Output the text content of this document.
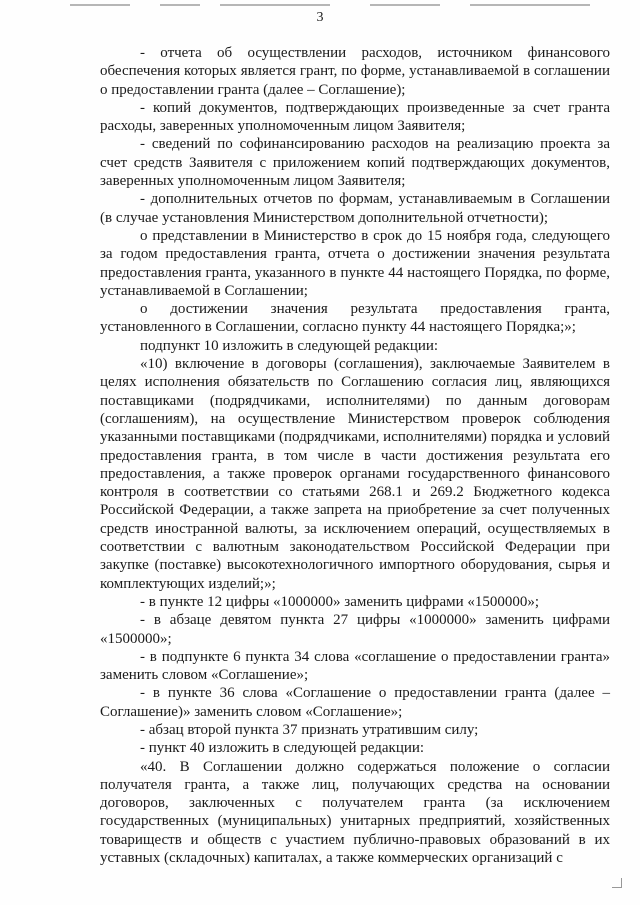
3

- отчета об осуществлении расходов, источником финансового обеспечения которых является грант, по форме, устанавливаемой в соглашении о предоставлении гранта (далее – Соглашение);

- копий документов, подтверждающих произведенные за счет гранта расходы, заверенных уполномоченным лицом Заявителя;

- сведений по софинансированию расходов на реализацию проекта за счет средств Заявителя с приложением копий подтверждающих документов, заверенных уполномоченным лицом Заявителя;

- дополнительных отчетов по формам, устанавливаемым в Соглашении (в случае установления Министерством дополнительной отчетности);

о представлении в Министерство в срок до 15 ноября года, следующего за годом предоставления гранта, отчета о достижении значения результата предоставления гранта, указанного в пункте 44 настоящего Порядка, по форме, устанавливаемой в Соглашении;

о достижении значения результата предоставления гранта, установленного в Соглашении, согласно пункту 44 настоящего Порядка;»;

подпункт 10 изложить в следующей редакции:

«10) включение в договоры (соглашения), заключаемые Заявителем в целях исполнения обязательств по Соглашению согласия лиц, являющихся поставщиками (подрядчиками, исполнителями) по данным договорам (соглашениям), на осуществление Министерством проверок соблюдения указанными поставщиками (подрядчиками, исполнителями) порядка и условий предоставления гранта, в том числе в части достижения результата его предоставления, а также проверок органами государственного финансового контроля в соответствии со статьями 268.1 и 269.2 Бюджетного кодекса Российской Федерации, а также запрета на приобретение за счет полученных средств иностранной валюты, за исключением операций, осуществляемых в соответствии с валютным законодательством Российской Федерации при закупке (поставке) высокотехнологичного импортного оборудования, сырья и комплектующих изделий;»;

- в пункте 12 цифры «1000000» заменить цифрами «1500000»;

- в абзаце девятом пункта 27 цифры «1000000» заменить цифрами «1500000»;

- в подпункте 6 пункта 34 слова «соглашение о предоставлении гранта» заменить словом «Соглашение»;

- в пункте 36 слова «Соглашение о предоставлении гранта (далее – Соглашение)» заменить словом «Соглашение»;

- абзац второй пункта 37 признать утратившим силу;

- пункт 40 изложить в следующей редакции:

«40. В Соглашении должно содержаться положение о согласии получателя гранта, а также лиц, получающих средства на основании договоров, заключенных с получателем гранта (за исключением государственных (муниципальных) унитарных предприятий, хозяйственных товариществ и обществ с участием публично-правовых образований в их уставных (складочных) капиталах, а также коммерческих организаций с
